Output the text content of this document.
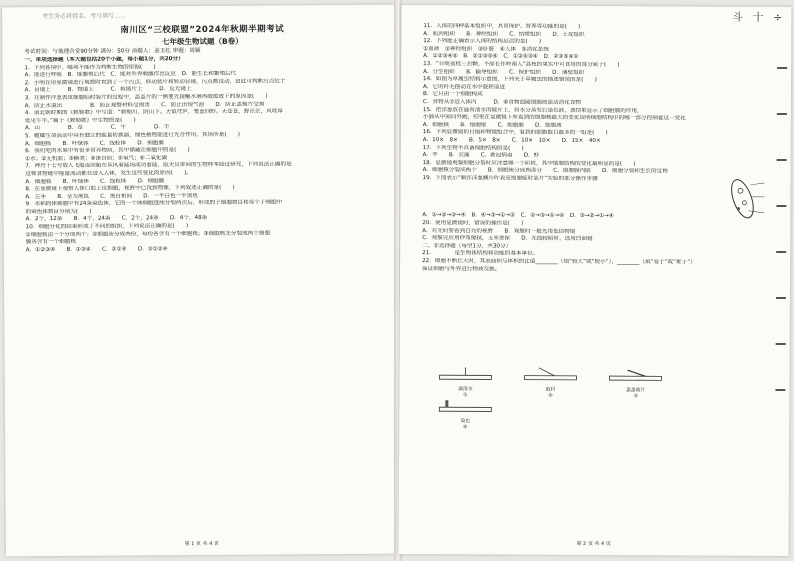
考生务必将姓名、考号填写……
南川区“三校联盟”2024年秋期半期考试
七年级生物试题（B卷）
考试时间：与地理合堂90分钟 满分：50分 命题人：姜玉红 审题：周颖
一、单项选择题（本大题包括20个小题，每小题1分，共20分）
1．下列各项中，哪项不能作为判断生物的依据(　　)
A．能进行呼吸　B．能繁殖后代　C．能对外界刺激作出反应　D．能生长和繁殖后代
2．小明在用显微镜进行观察时看到了一个污点，移动装片和转动目镜，污点都没动，由此可判断污点位于
A．目镜上　　　B．物镜上　　　C．载玻片上　　　D．反光镜上
3．在制作洋葱表皮细胞临时装片的过程中，盖盖片的一侧要先接触水滴再缓缓放下的原因是(　　)
A．防止水溢出　　　　　B．防止观察材料受损害　　C．防止出现气泡　　D．防止盖玻片受损
4．南北朝时期的《敕勒歌》中写道：“敕勒川，阴山下。天似穹庐，笼盖四野。天苍苍，野茫茫，风吹草
低见牛羊。”属于《敕勒歌》中生物的是(　　)
A．山　　　　　B．草　　　　　C．牛　　　　　D．羊
5．螳螂生命活动中具有独立的能量转换器，绿色植物能进行光合作用，其场所是(　　)
A．细胞核　　B．叶绿体　　C．线粒体　　D．细胞膜
6．我们吃的水果中有很多营养物质，其中储藏在细胞中的是(　　)
①水；②无机盐；③糖类；④蛋白质；⑤氧气；⑥二氧化碳
7．神舟十七号载人飞船返回舱在东风着陆场成功着陆，航天员带回的生物样本经过研究，下列说法正确的是
这株食物链中能量流动都在进入人体，发生这些变化的原因(　　)。
A．细胞核　　B．叶绿体　　C．线粒体　　D．细胞膜
8．在显微镜下观察人体口腔上皮细胞，视野中已找到物像，下列叙述正确的是(　　)
A．左手　　B．全为黑色　　C．黑白相间　　D．一半白色一半黑色
9．水稻的体细胞中有24条染色体，它的一个体细胞连续分裂两次后，形成的子细胞数目和每个子细胞中
的染色体数目分别为(　　)
A．2个，12条　　B．4个，24条　　C．2个，24条　　D．4个，48条
10．细胞分化的结果形成了不同的组织，下列说法正确的是(　　)
①细胞核由一个分成两个；②细胞质分成两份，每份各含有一个细胞核；③细胞核先分裂成两个细胞
膜各含有一个细胞核
A．①②③④　　B．①③④　　C．②①④　　D．③①②④
第 1 页 共 4 页
斗 十 ÷
11．人体的四种基本组织中，具有保护、营养等功能的是(　　)
A．肌肉组织　　B．神经组织　　C．结缔组织　　D．上皮组织
12．下列能正确表示人体的结构层次的是(　　)
①血液　②神经组织　③肝脏　④人体　⑤消化系统
A．①②③④⑤　B．②①③⑤④　C．①②⑤③④　D．②③⑤④①
13．“日啖荔枝三百颗，不辞长作岭南人”荔枝的果实中可食用的部分属于(　　)
A．分生组织　　B．输导组织　　C．保护组织　　D．薄壁组织
14．如图为草履虫结构示意图，下列关于草履虫的描述错误的是(　　)
A．它的纤毛摆动在水中旋转前进
B．它只由一个细胞构成
C．食物从⑦进入体内　　　D．⑥食物泡随细胞质流动消化食物
15．把洋葱放在盛有清水的玻片上，将水分蒸发后染色液，该结果显示了细胞膜的作用，
小猫从中间向外跑，结果在显微镜下所看到的细胞核最大的变化说明细胞结构中的哪一部分控制着这一变化
A．细胞核　　B．细胞壁　　C．细胞膜　　D．细胞质
16．下列显微镜的目镜和物镜组合中，看到的细胞数目最多的一组是(　　)
A．10×　8×　　B．5×　8×　　C．10×　10×　　D．15×　40×
17．下列生物不具备细胞结构的是(　　)
A．羊　　B．衣藻　　C．新冠病毒　　D．虾
18．显微镜观察细胞分裂时应注意哪一个阶段，其中细胞结构的变化最明显的是(　　)
A．细胞核分裂成两个　　B．细胞质分成两部分　　C．细胞膜内陷　　D．细胞分裂和生长的过程
19．下图表示“制作洋葱鳞片叶表皮细胞临时装片”实验的部分操作步骤
A．①→②→③→④　B．④→③→①→②　C．②→③→①→④　D．③→②→①→④
20．使用显微镜时，错误的操作是(　　)
A．对光时要看到白亮的视野　　B．观察时一般先用低倍物镜
C．观察完应用纱布擦拭，玉米要保　　D．光线较暗时，选用凹面镜
二、非选择题（每空1分，共30分）
21．　　　　是生物体结构和功能的基本单位。
22．细胞不断长大时，其表面积与体积的比值________（填“较大”或“较小”），________（填“易于”或“难于”）
保证细胞与外界进行物质交换。
滴清水
①

取材
②

盖盖玻片
③

染色
④
第 2 页 共 4 页
